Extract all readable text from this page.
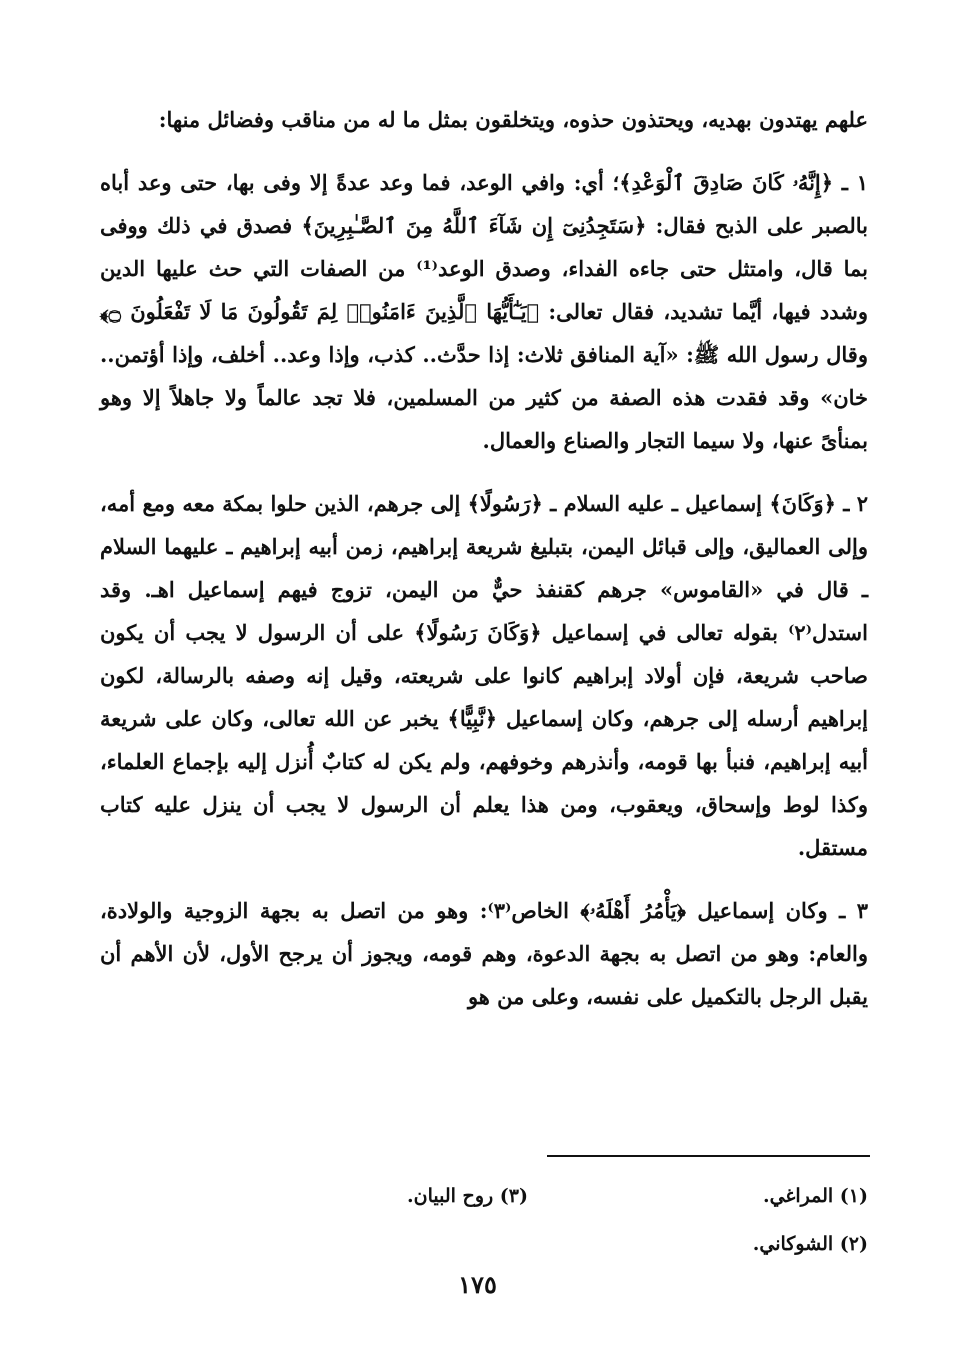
علهم يهتدون بهديه، ويحتذون حذوه، ويتخلقون بمثل ما له من مناقب وفضائل منها:

١ ـ ﴿إِنَّهُۥ كَانَ صَادِقَ ٱلْوَعْدِ﴾؛ أي: وافي الوعد، فما وعد عدةً إلا وفى بها، حتى وعد أباه بالصبر على الذبح فقال: ﴿سَتَجِدُنِىٓ إِن شَآءَ ٱللَّهُ مِنَ ٱلصَّـٰبِرِينَ﴾ فصدق في ذلك ووفى بما قال، وامتثل حتى جاءه الفداء، وصدق الوعد⁽¹⁾ من الصفات التي حث عليها الدين وشدد فيها، أيَّما تشديد، فقال تعالى: ﴿يَـٰٓأَيُّهَا ٱلَّذِينَ ءَامَنُوا۟ لِمَ تَقُولُونَ مَا لَا تَفْعَلُونَ ۝﴾ وقال رسول الله ﷺ: «آية المنافق ثلاث: إذا حدَّث.. كذب، وإذا وعد.. أخلف، وإذا أؤتمن.. خان» وقد فقدت هذه الصفة من كثير من المسلمين، فلا تجد عالماً ولا جاهلاً إلا وهو بمنأىً عنها، ولا سيما التجار والصناع والعمال.

٢ ـ ﴿وَكَانَ﴾ إسماعيل ـ عليه السلام ـ ﴿رَسُولًا﴾ إلى جرهم، الذين حلوا بمكة معه ومع أمه، وإلى العماليق، وإلى قبائل اليمن، بتبليغ شريعة إبراهيم، زمن أبيه إبراهيم ـ عليهما السلام ـ قال في «القاموس» جرهم كقنفذ حيٌّ من اليمن، تزوج فيهم إسماعيل اهـ. وقد استدل⁽٢⁾ بقوله تعالى في إسماعيل ﴿وَكَانَ رَسُولًا﴾ على أن الرسول لا يجب أن يكون صاحب شريعة، فإن أولاد إبراهيم كانوا على شريعته، وقيل إنه وصفه بالرسالة، لكون إبراهيم أرسله إلى جرهم، وكان إسماعيل ﴿نَّبِيًّا﴾ يخبر عن الله تعالى، وكان على شريعة أبيه إبراهيم، فنبأ بها قومه، وأنذرهم وخوفهم، ولم يكن له كتابٌ أُنزل إليه بإجماع العلماء، وكذا لوط وإسحاق، ويعقوب، ومن هذا يعلم أن الرسول لا يجب أن ينزل عليه كتاب مستقل.

٣ ـ وكان إسماعيل ﴿يَأْمُرُ أَهْلَهُۥ﴾ الخاص⁽٣⁾: وهو من اتصل به بجهة الزوجية والولادة، والعام: وهو من اتصل به بجهة الدعوة، وهم قومه، ويجوز أن يرجح الأول، لأن الأهم أن يقبل الرجل بالتكميل على نفسه، وعلى من هو

(١) المراغي.
(٣) روح البيان.
(٢) الشوكاني.
١٧٥
